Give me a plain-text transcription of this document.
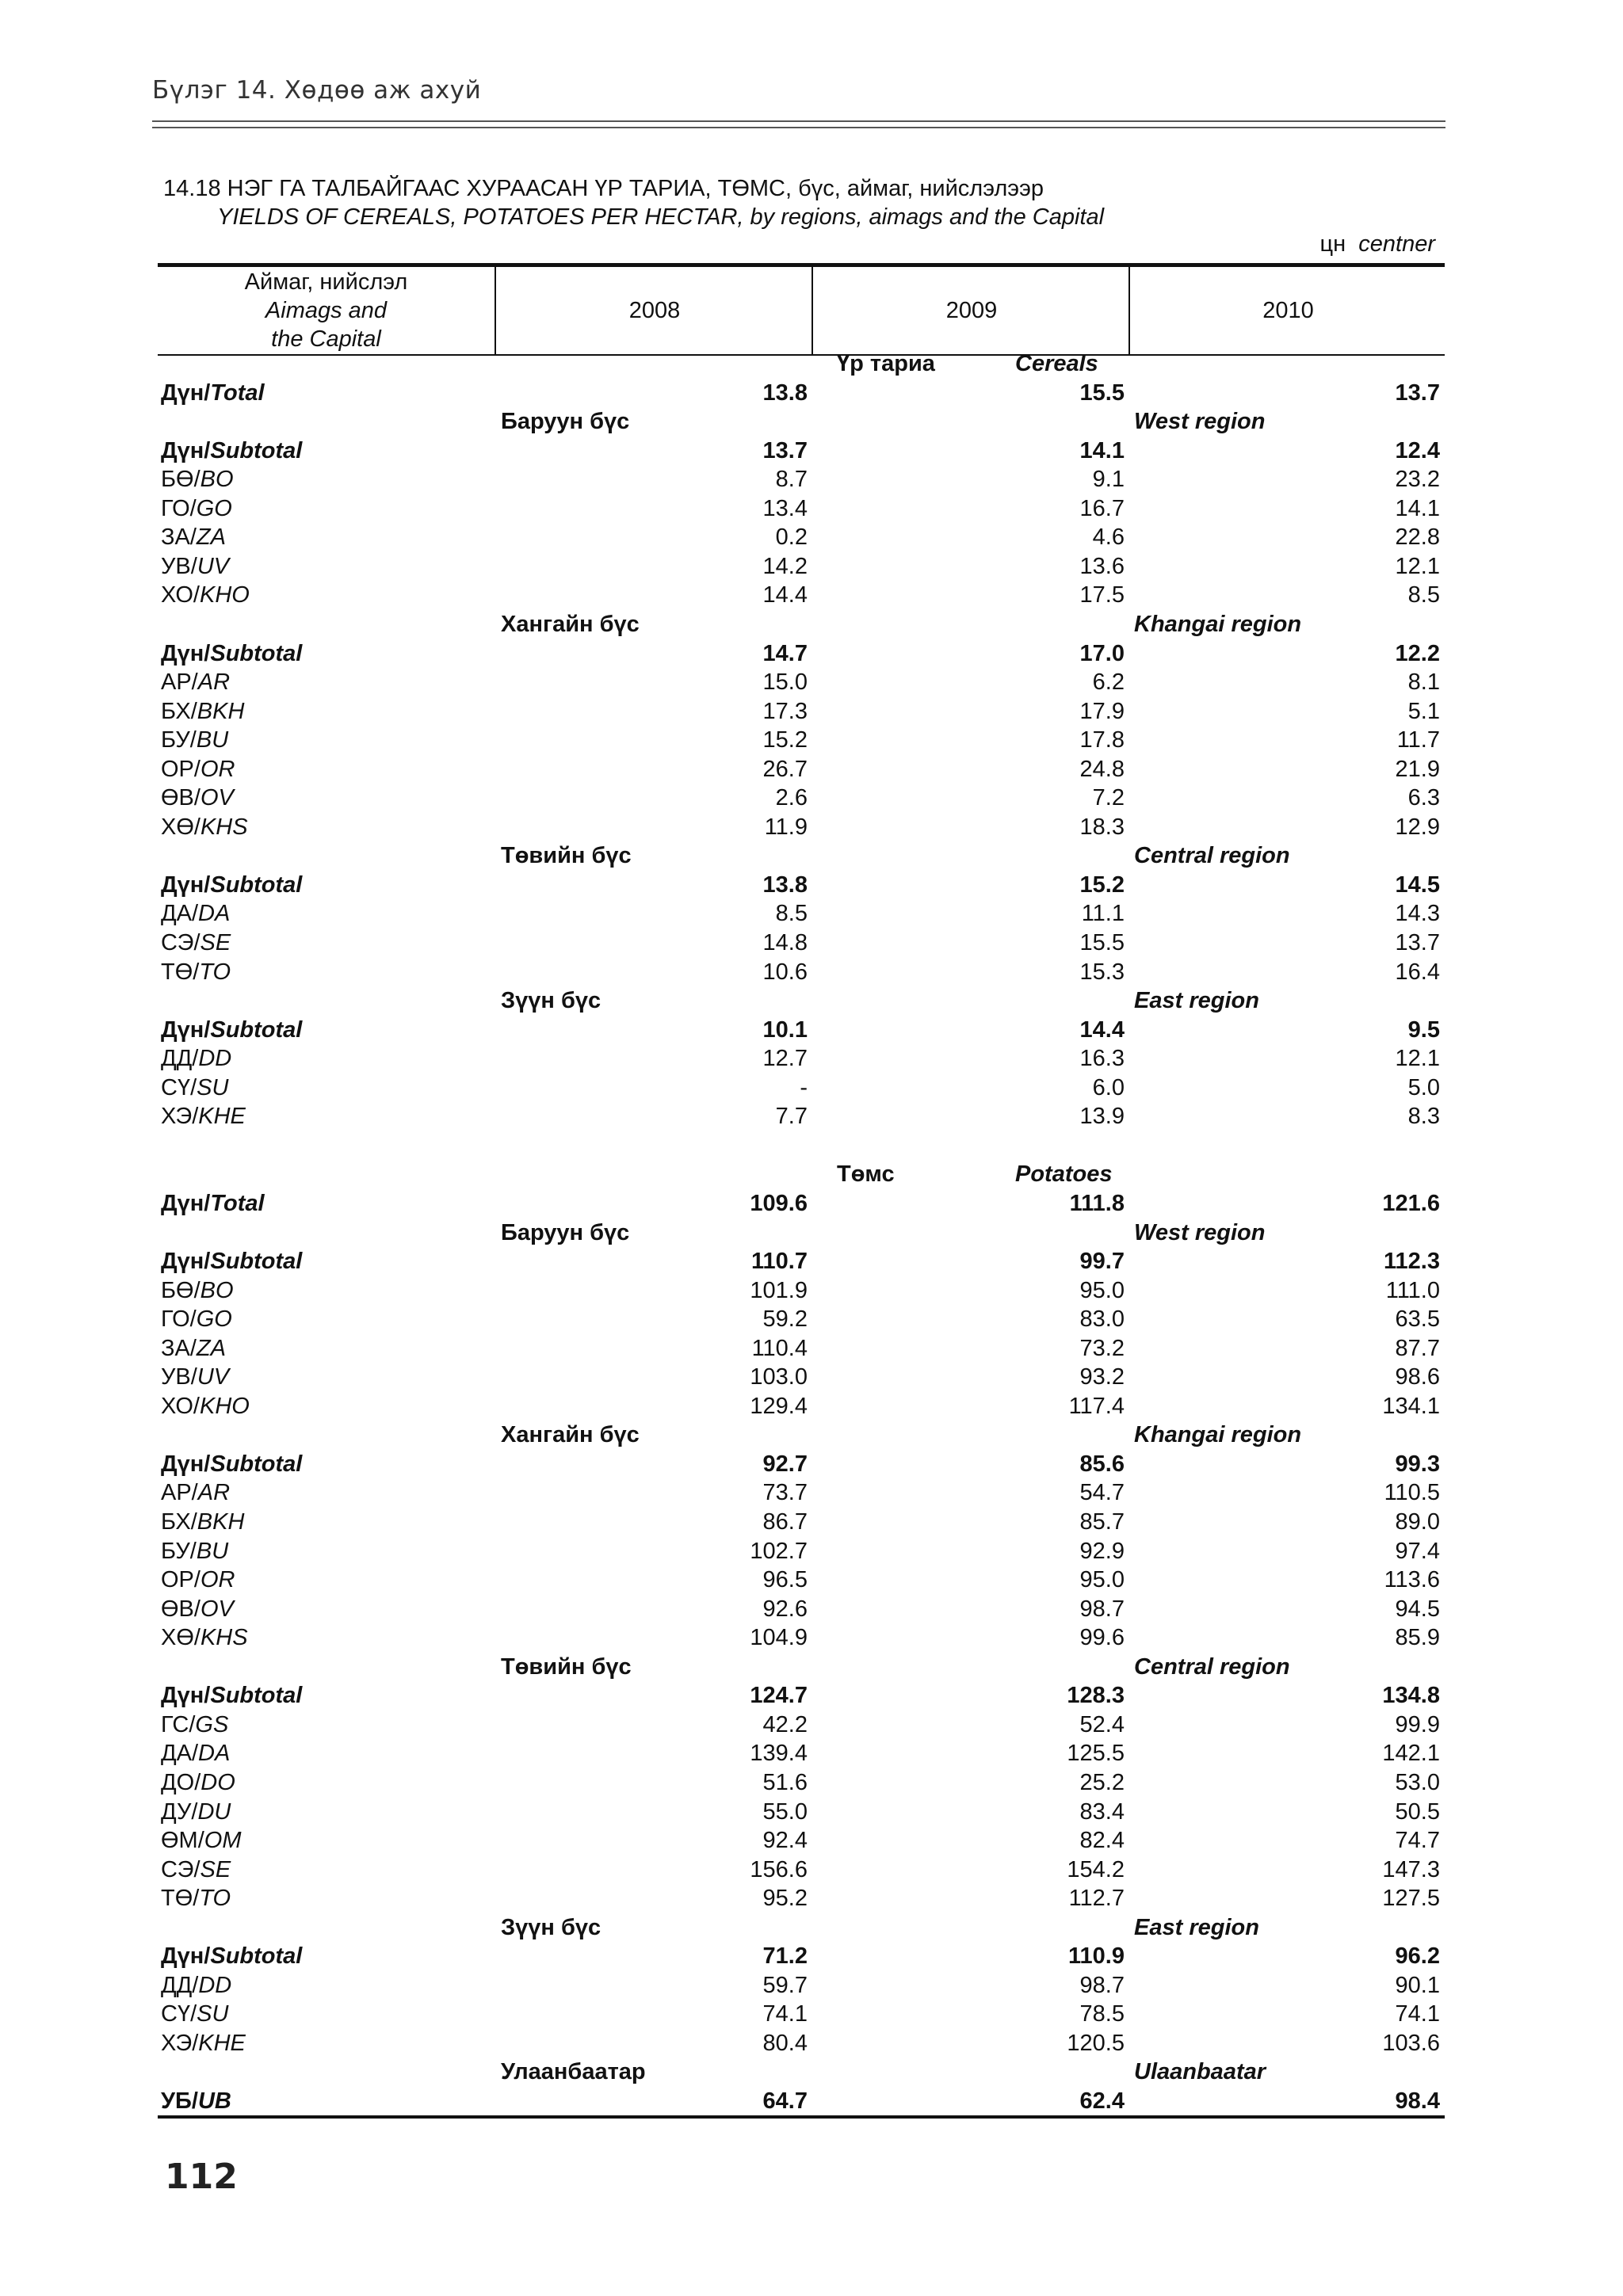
Бүлэг 14. Хөдөө аж ахуй
14.18 НЭГ ГА ТАЛБАЙГААС ХУРААСАН ҮР ТАРИА, ТӨМС, бүс, аймаг, нийслэлээр
YIELDS OF CEREALS, POTATOES PER HECTAR, by regions, aimags and the Capital
цн centner
Аймаг, нийслэл
Aimags and
the Capital
2008	2009	2010
Үр тариа	Cereals
Дүн/Total	13.8	15.5	13.7
Баруун бүс	West region
Дүн/Subtotal	13.7	14.1	12.4
БӨ/BO	8.7	9.1	23.2
ГО/GO	13.4	16.7	14.1
ЗА/ZA	0.2	4.6	22.8
УВ/UV	14.2	13.6	12.1
ХО/KHO	14.4	17.5	8.5
Хангайн бүс	Khangai region
Дүн/Subtotal	14.7	17.0	12.2
АР/AR	15.0	6.2	8.1
БХ/BKH	17.3	17.9	5.1
БУ/BU	15.2	17.8	11.7
ОР/OR	26.7	24.8	21.9
ӨВ/OV	2.6	7.2	6.3
ХӨ/KHS	11.9	18.3	12.9
Төвийн бүс	Central region
Дүн/Subtotal	13.8	15.2	14.5
ДА/DA	8.5	11.1	14.3
СЭ/SE	14.8	15.5	13.7
ТӨ/TO	10.6	15.3	16.4
Зүүн бүс	East region
Дүн/Subtotal	10.1	14.4	9.5
ДД/DD	12.7	16.3	12.1
СҮ/SU	-	6.0	5.0
ХЭ/KHE	7.7	13.9	8.3
Төмс	Potatoes
Дүн/Total	109.6	111.8	121.6
Баруун бүс	West region
Дүн/Subtotal	110.7	99.7	112.3
БӨ/BO	101.9	95.0	111.0
ГО/GO	59.2	83.0	63.5
ЗА/ZA	110.4	73.2	87.7
УВ/UV	103.0	93.2	98.6
ХО/KHO	129.4	117.4	134.1
Хангайн бүс	Khangai region
Дүн/Subtotal	92.7	85.6	99.3
АР/AR	73.7	54.7	110.5
БХ/BKH	86.7	85.7	89.0
БУ/BU	102.7	92.9	97.4
ОР/OR	96.5	95.0	113.6
ӨВ/OV	92.6	98.7	94.5
ХӨ/KHS	104.9	99.6	85.9
Төвийн бүс	Central region
Дүн/Subtotal	124.7	128.3	134.8
ГС/GS	42.2	52.4	99.9
ДА/DA	139.4	125.5	142.1
ДО/DO	51.6	25.2	53.0
ДУ/DU	55.0	83.4	50.5
ӨМ/OM	92.4	82.4	74.7
СЭ/SE	156.6	154.2	147.3
ТӨ/TO	95.2	112.7	127.5
Зүүн бүс	East region
Дүн/Subtotal	71.2	110.9	96.2
ДД/DD	59.7	98.7	90.1
СҮ/SU	74.1	78.5	74.1
ХЭ/KHE	80.4	120.5	103.6
Улаанбаатар	Ulaanbaatar
УБ/UB	64.7	62.4	98.4
112
